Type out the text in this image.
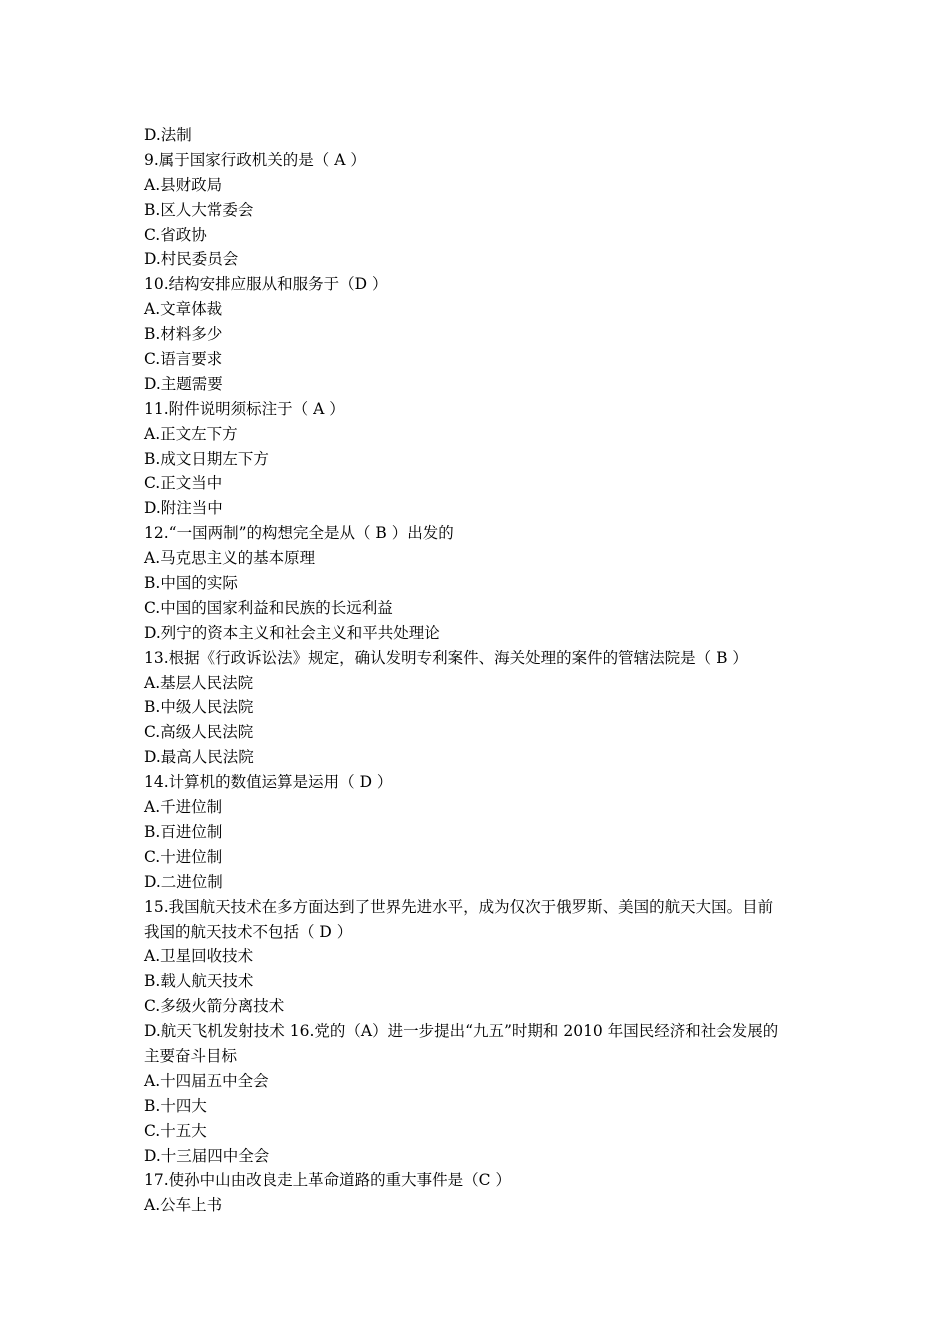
D.法制
9.属于国家行政机关的是（ A ）
A.县财政局
B.区人大常委会
C.省政协
D.村民委员会
10.结构安排应服从和服务于（D ）
A.文章体裁
B.材料多少
C.语言要求
D.主题需要
11.附件说明须标注于（ A ）
A.正文左下方
B.成文日期左下方
C.正文当中
D.附注当中
12.“一国两制”的构想完全是从（ B ）出发的
A.马克思主义的基本原理
B.中国的实际
C.中国的国家利益和民族的长远利益
D.列宁的资本主义和社会主义和平共处理论
13.根据《行政诉讼法》规定，确认发明专利案件、海关处理的案件的管辖法院是（ B ）
A.基层人民法院
B.中级人民法院
C.高级人民法院
D.最高人民法院
14.计算机的数值运算是运用（ D ）
A.千进位制
B.百进位制
C.十进位制
D.二进位制
15.我国航天技术在多方面达到了世界先进水平，成为仅次于俄罗斯、美国的航天大国。目前
我国的航天技术不包括（ D ）
A.卫星回收技术
B.载人航天技术
C.多级火箭分离技术
D.航天飞机发射技术 16.党的（A）进一步提出“九五”时期和 2010 年国民经济和社会发展的
主要奋斗目标
A.十四届五中全会
B.十四大
C.十五大
D.十三届四中全会
17.使孙中山由改良走上革命道路的重大事件是（C ）
A.公车上书
